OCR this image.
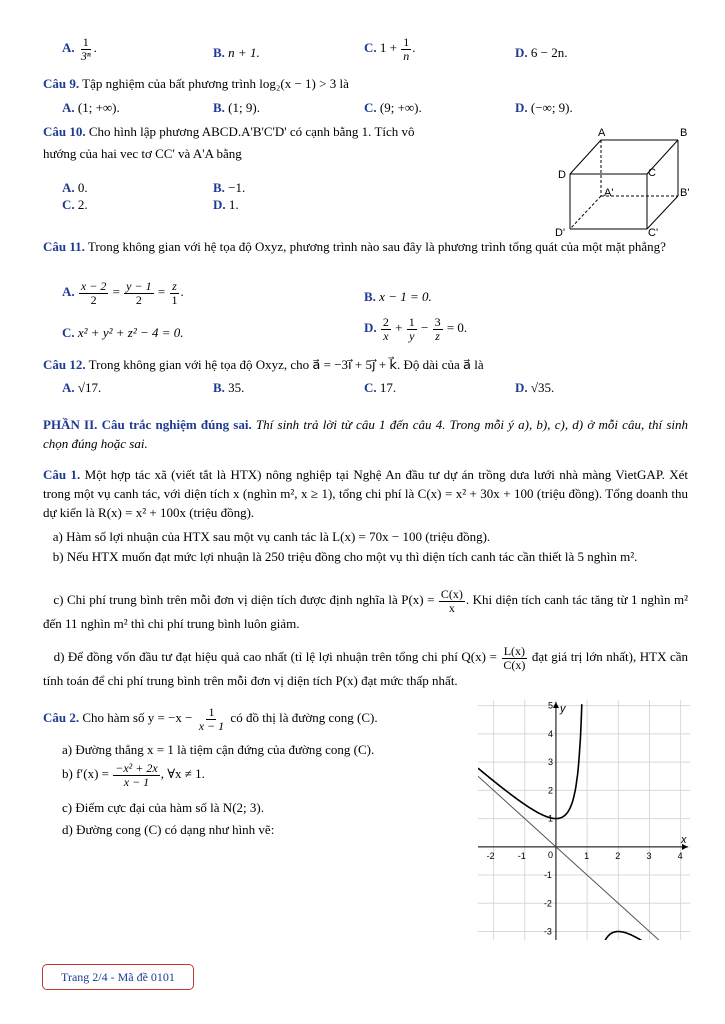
A. $\frac{1}{\text{3ⁿ}}$ .	B. n + 1.	C. $1 + \frac{1}{n}$ .	D. 6 − 2n.
Câu 9. Tập nghiệm của bất phương trình log₂(x − 1) > 3 là
A. (1; +∞).	B. (1; 9).	C. (9; +∞).	D. (−∞; 9).
Câu 10. Cho hình lập phương ABCD.A'B'C'D' có cạnh bằng 1. Tích vô
hướng của hai vec tơ CC' và A'A bằng
A. 0.	B. −1.
C. 2.	D. 1.
A	B
C
D
A'	B'
C'
D'
Câu 11. Trong không gian với hệ tọa độ Oxyz, phương trình nào sau đây là phương trình tổng quát của một mặt phẳng?
A. $\frac{x - 2}{2} = \frac{y - 1}{2} = \frac{z}{1}$ .	B. x − 1 = 0.
C. x² + y² + z² − 4 = 0.	D. $\frac{2}{x} + \frac{1}{y} - \frac{3}{z} = 0$.
Câu 12. Trong không gian với hệ tọa độ Oxyz, cho a⃗ = −3i⃗ + 5j⃗ + k⃗. Độ dài của a⃗ là
A. √17.	B. 35.	C. 17.	D. √35.
PHẦN II. Câu trắc nghiệm đúng sai. Thí sinh trả lời từ câu 1 đến câu 4. Trong mỗi ý a), b), c), d) ở mỗi câu, thí sinh chọn đúng hoặc sai.
Câu 1. Một hợp tác xã (viết tắt là HTX) nông nghiệp tại Nghệ An đầu tư dự án trồng dưa lưới nhà màng VietGAP. Xét trong một vụ canh tác, với diện tích x (nghìn m², x ≥ 1), tổng chi phí là C(x) = x² + 30x + 100 (triệu đồng). Tổng doanh thu dự kiến là R(x) = x² + 100x (triệu đồng).
a) Hàm số lợi nhuận của HTX sau một vụ canh tác là L(x) = 70x − 100 (triệu đồng).
b) Nếu HTX muốn đạt mức lợi nhuận là 250 triệu đồng cho một vụ thì diện tích canh tác cần thiết là 5 nghìn m².
c) Chi phí trung bình trên mỗi đơn vị diện tích được định nghĩa là $P(x) = \frac{C(x)}{x}$ . Khi diện tích canh tác tăng từ 1 nghìn m² đến 11 nghìn m² thì chi phí trung bình luôn giảm.
d) Để đồng vốn đầu tư đạt hiệu quả cao nhất (tỉ lệ lợi nhuận trên tổng chi phí $Q(x) = \frac{L(x)}{C(x)}$ đạt giá trị lớn nhất), HTX cần tính toán để chi phí trung bình trên mỗi đơn vị diện tích P(x) đạt mức thấp nhất.
Câu 2. Cho hàm số $y = -x - \frac{1}{x - 1}$ có đồ thị là đường cong (C).
a) Đường thẳng x = 1 là tiệm cận đứng của đường cong (C).
b) $f'(x) = \frac{\text{−x² + 2x}}{x - 1}$ , ∀x ≠ 1.
c) Điểm cực đại của hàm số là N(2; 3).
d) Đường cong (C) có dạng như hình vẽ:
-2	-1	1	2	3	4
-3
-2
-1
1
2
3
4
5
x
y
0
Trang 2/4 - Mã đề 0101
